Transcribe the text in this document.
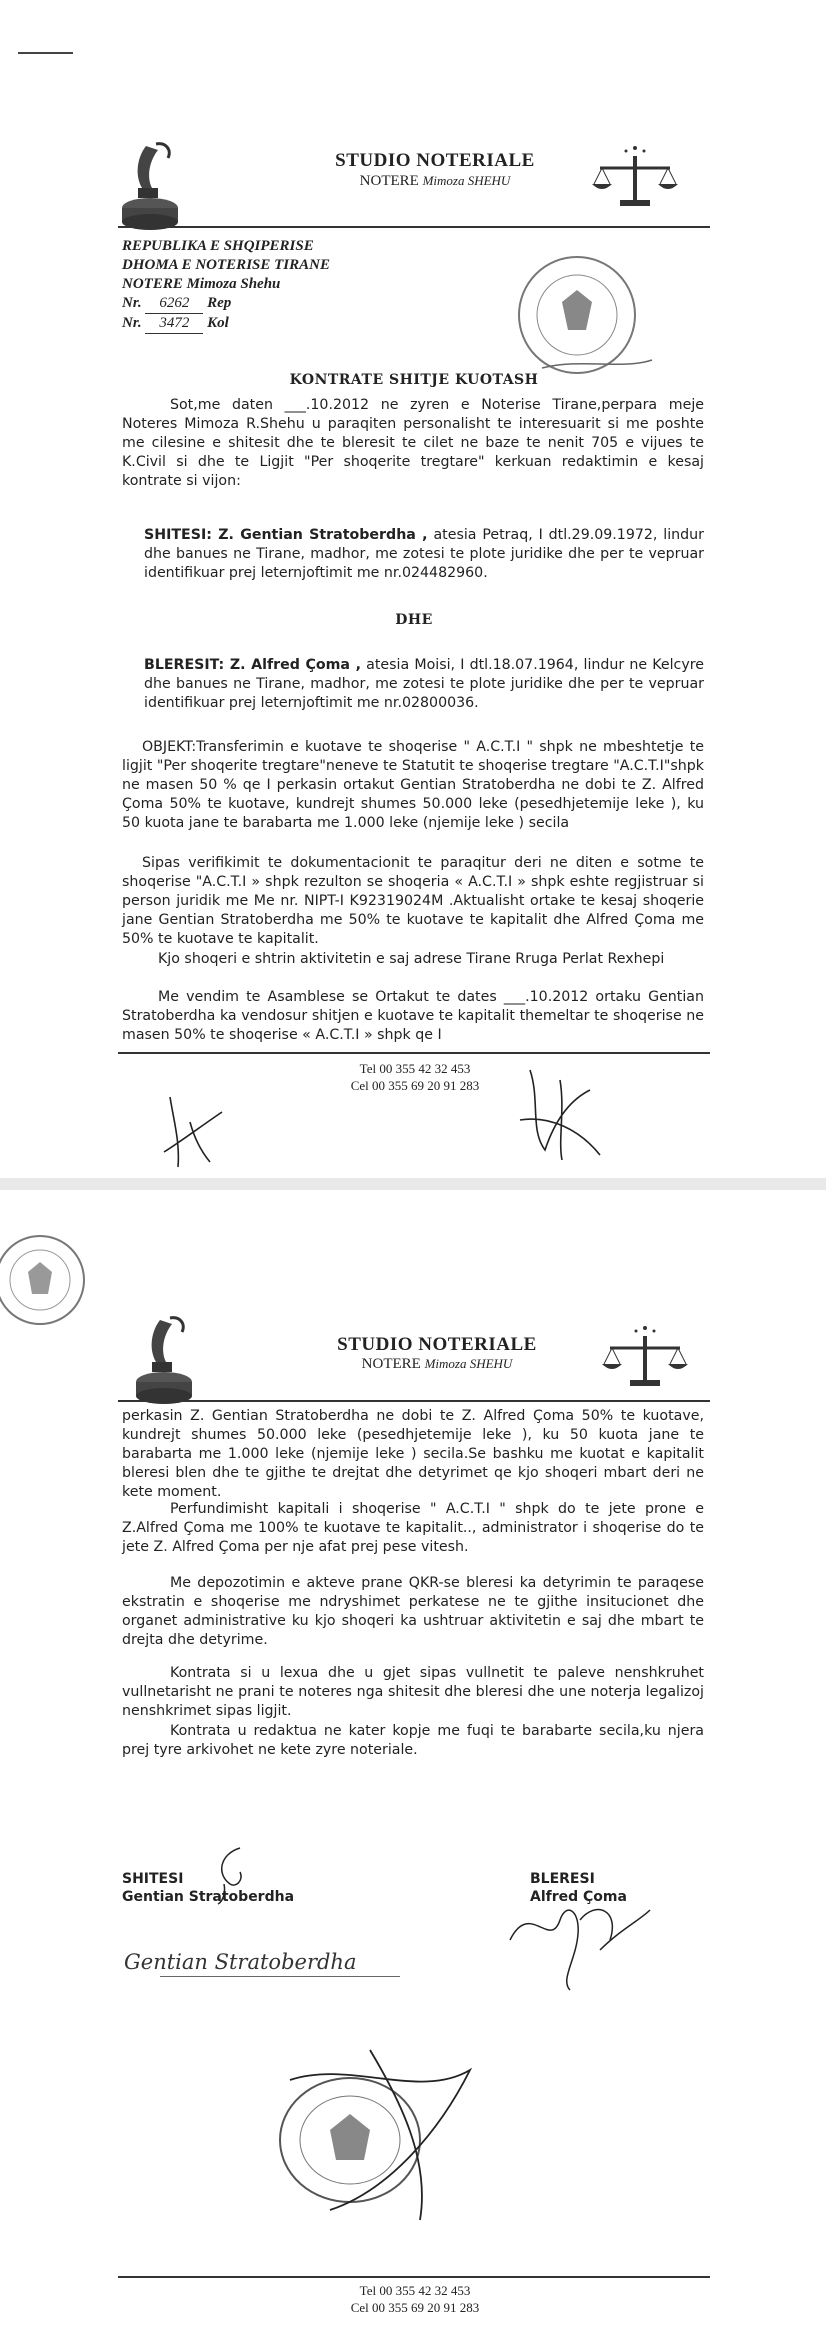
STUDIO NOTERIALE
NOTERE Mimoza SHEHU
REPUBLIKA E SHQIPERISE
DHOMA E NOTERISE TIRANE
NOTERE Mimoza Shehu
Nr. 6262 Rep
Nr. 3472 Kol
KONTRATE SHITJE KUOTASH
Sot,me daten ___.10.2012 ne zyren e Noterise Tirane,perpara meje Noteres Mimoza R.Shehu u paraqiten personalisht te interesuarit si me poshte me cilesine e shitesit dhe te bleresit te cilet ne baze te nenit 705 e vijues te K.Civil si dhe te Ligjit "Per shoqerite tregtare" kerkuan redaktimin e kesaj kontrate si vijon:
SHITESI: Z. Gentian Stratoberdha , atesia Petraq, I dtl.29.09.1972, lindur dhe banues ne Tirane, madhor, me zotesi te plote juridike dhe per te vepruar identifikuar prej leternjoftimit me nr.024482960.
DHE
BLERESIT: Z. Alfred Çoma , atesia Moisi, I dtl.18.07.1964, lindur ne Kelcyre dhe banues ne Tirane, madhor, me zotesi te plote juridike dhe per te vepruar identifikuar prej leternjoftimit me nr.02800036.
OBJEKT:Transferimin e kuotave te shoqerise " A.C.T.I " shpk ne mbeshtetje te ligjit "Per shoqerite tregtare"neneve te Statutit te shoqerise tregtare "A.C.T.I"shpk ne masen 50 % qe I perkasin ortakut Gentian Stratoberdha ne dobi te Z. Alfred Çoma 50% te kuotave, kundrejt shumes 50.000 leke (pesedhjetemije leke ), ku 50 kuota jane te barabarta me 1.000 leke (njemije leke ) secila
Sipas verifikimit te dokumentacionit te paraqitur deri ne diten e sotme te shoqerise "A.C.T.I » shpk rezulton se shoqeria « A.C.T.I » shpk eshte regjistruar si person juridik me Me nr. NIPT-I K92319024M .Aktualisht ortake te kesaj shoqerie jane Gentian Stratoberdha me 50% te kuotave te kapitalit dhe Alfred Çoma me 50% te kuotave te kapitalit.
Kjo shoqeri e shtrin aktivitetin e saj adrese Tirane Rruga Perlat Rexhepi
Me vendim te Asamblese se Ortakut te dates ___.10.2012 ortaku Gentian Stratoberdha ka vendosur shitjen e kuotave te kapitalit themeltar te shoqerise ne masen 50% te shoqerise « A.C.T.I » shpk qe I
Tel 00 355 42 32 453
Cel 00 355 69 20 91 283
STUDIO NOTERIALE
NOTERE Mimoza SHEHU
perkasin Z. Gentian Stratoberdha ne dobi te Z. Alfred Çoma 50% te kuotave, kundrejt shumes 50.000 leke (pesedhjetemije leke ), ku 50 kuota jane te barabarta me 1.000 leke (njemije leke ) secila.Se bashku me kuotat e kapitalit bleresi blen dhe te gjithe te drejtat dhe detyrimet qe kjo shoqeri mbart deri ne kete moment.
Perfundimisht kapitali i shoqerise " A.C.T.I " shpk do te jete prone e Z.Alfred Çoma me 100% te kuotave te kapitalit.., administrator i shoqerise do te jete Z. Alfred Çoma per nje afat prej pese vitesh.
Me depozotimin e akteve prane QKR-se bleresi ka detyrimin te paraqese ekstratin e shoqerise me ndryshimet perkatese ne te gjithe insitucionet dhe organet administrative ku kjo shoqeri ka ushtruar aktivitetin e saj dhe mbart te drejta dhe detyrime.
Kontrata si u lexua dhe u gjet sipas vullnetit te paleve nenshkruhet vullnetarisht ne prani te noteres nga shitesit dhe bleresi dhe une noterja legalizoj nenshkrimet sipas ligjit.
Kontrata u redaktua ne kater kopje me fuqi te barabarte secila,ku njera prej tyre arkivohet ne kete zyre noteriale.
SHITESI
Gentian Stratoberdha
BLERESI
Alfred Çoma
Gentian Stratoberdha
Tel 00 355 42 32 453
Cel 00 355 69 20 91 283
